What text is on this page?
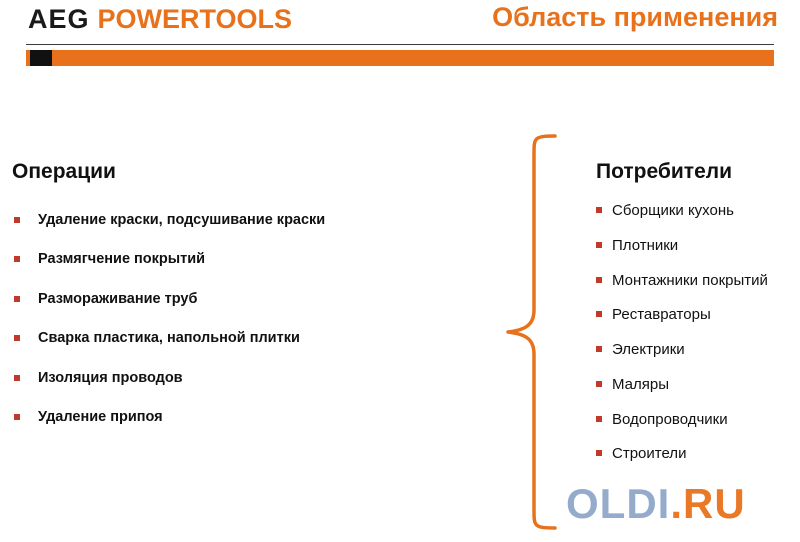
AEG POWERTOOLS	Область применения
Операции
Удаление краски, подсушивание краски
Размягчение покрытий
Размораживание труб
Сварка пластика, напольной плитки
Изоляция проводов
Удаление припоя
Потребители
Сборщики кухонь
Плотники
Монтажники покрытий
Реставраторы
Электрики
Маляры
Водопроводчики
Строители
OLDI.RU
